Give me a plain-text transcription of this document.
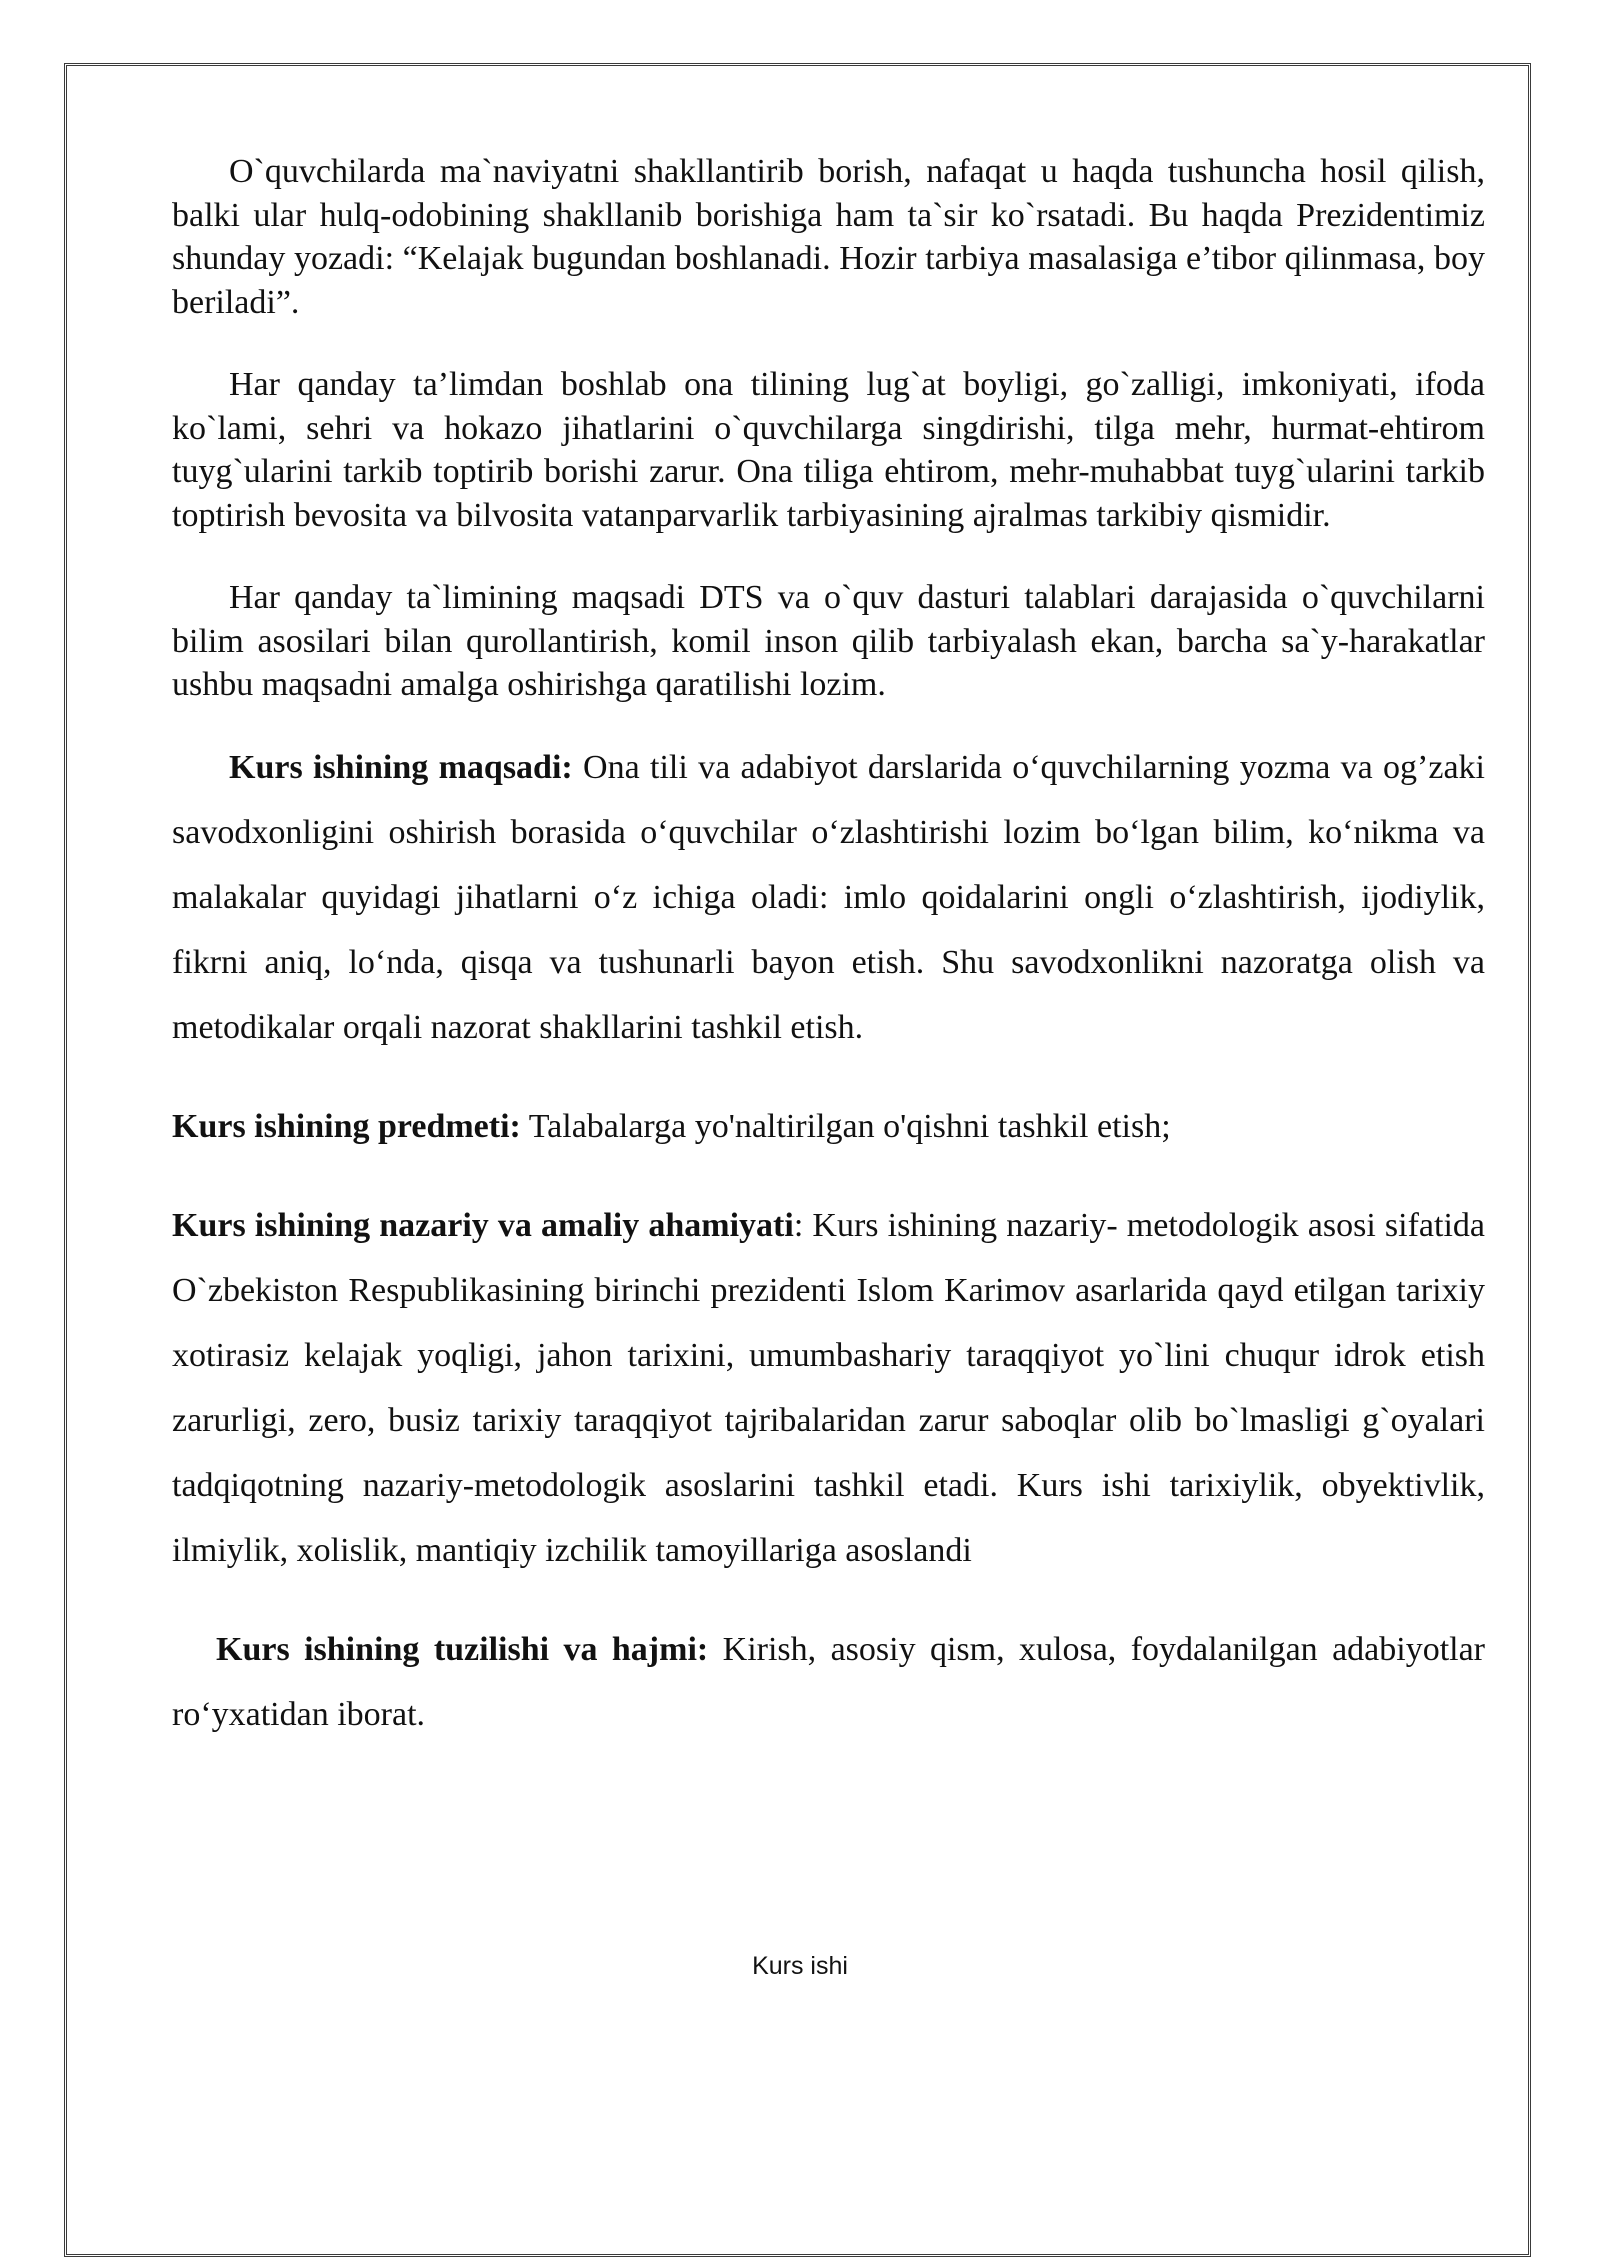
O`quvchilarda ma`naviyatni shakllantirib borish, nafaqat u haqda tushuncha hosil qilish, balki ular hulq-odobining shakllanib borishiga ham ta`sir ko`rsatadi. Bu haqda Prezidentimiz shunday yozadi: “Kelajak bugundan boshlanadi. Hozir tarbiya masalasiga e’tibor qilinmasa, boy beriladi”.

Har qanday ta’limdan boshlab ona tilining lug`at boyligi, go`zalligi, imkoniyati, ifoda ko`lami, sehri va hokazo jihatlarini o`quvchilarga singdirishi, tilga mehr, hurmat-ehtirom tuyg`ularini tarkib toptirib borishi zarur. Ona tiliga ehtirom, mehr-muhabbat tuyg`ularini tarkib toptirish bevosita va bilvosita vatanparvarlik tarbiyasining ajralmas tarkibiy qismidir.

Har qanday ta`limining maqsadi DTS va o`quv dasturi talablari darajasida o`quvchilarni bilim asosilari bilan qurollantirish, komil inson qilib tarbiyalash ekan, barcha sa`y-harakatlar ushbu maqsadni amalga oshirishga qaratilishi lozim.

Kurs ishining maqsadi: Ona tili va adabiyot darslarida o‘quvchilarning yozma va og’zaki savodxonligini oshirish borasida o‘quvchilar o‘zlashtirishi lozim bo‘lgan bilim, ko‘nikma va malakalar quyidagi jihatlarni o‘z ichiga oladi: imlo qoidalarini ongli o‘zlashtirish, ijodiylik, fikrni aniq, lo‘nda, qisqa va tushunarli bayon etish. Shu savodxonlikni nazoratga olish va metodikalar orqali nazorat shakllarini tashkil etish.

Kurs ishining predmeti: Talabalarga yo'naltirilgan o'qishni tashkil etish;

Kurs ishining nazariy va amaliy ahamiyati: Kurs ishining nazariy- metodologik asosi sifatida O`zbekiston Respublikasining birinchi prezidenti Islom Karimov asarlarida qayd etilgan tarixiy xotirasiz kelajak yoqligi, jahon tarixini, umumbashariy taraqqiyot yo`lini chuqur idrok etish zarurligi, zero, busiz tarixiy taraqqiyot tajribalaridan zarur saboqlar olib bo`lmasligi g`oyalari tadqiqotning nazariy-metodologik asoslarini tashkil etadi. Kurs ishi tarixiylik, obyektivlik, ilmiylik, xolislik, mantiqiy izchilik tamoyillariga asoslandi

Kurs ishining tuzilishi va hajmi: Kirish, asosiy qism, xulosa, foydalanilgan adabiyotlar ro‘yxatidan iborat.

Kurs ishi
